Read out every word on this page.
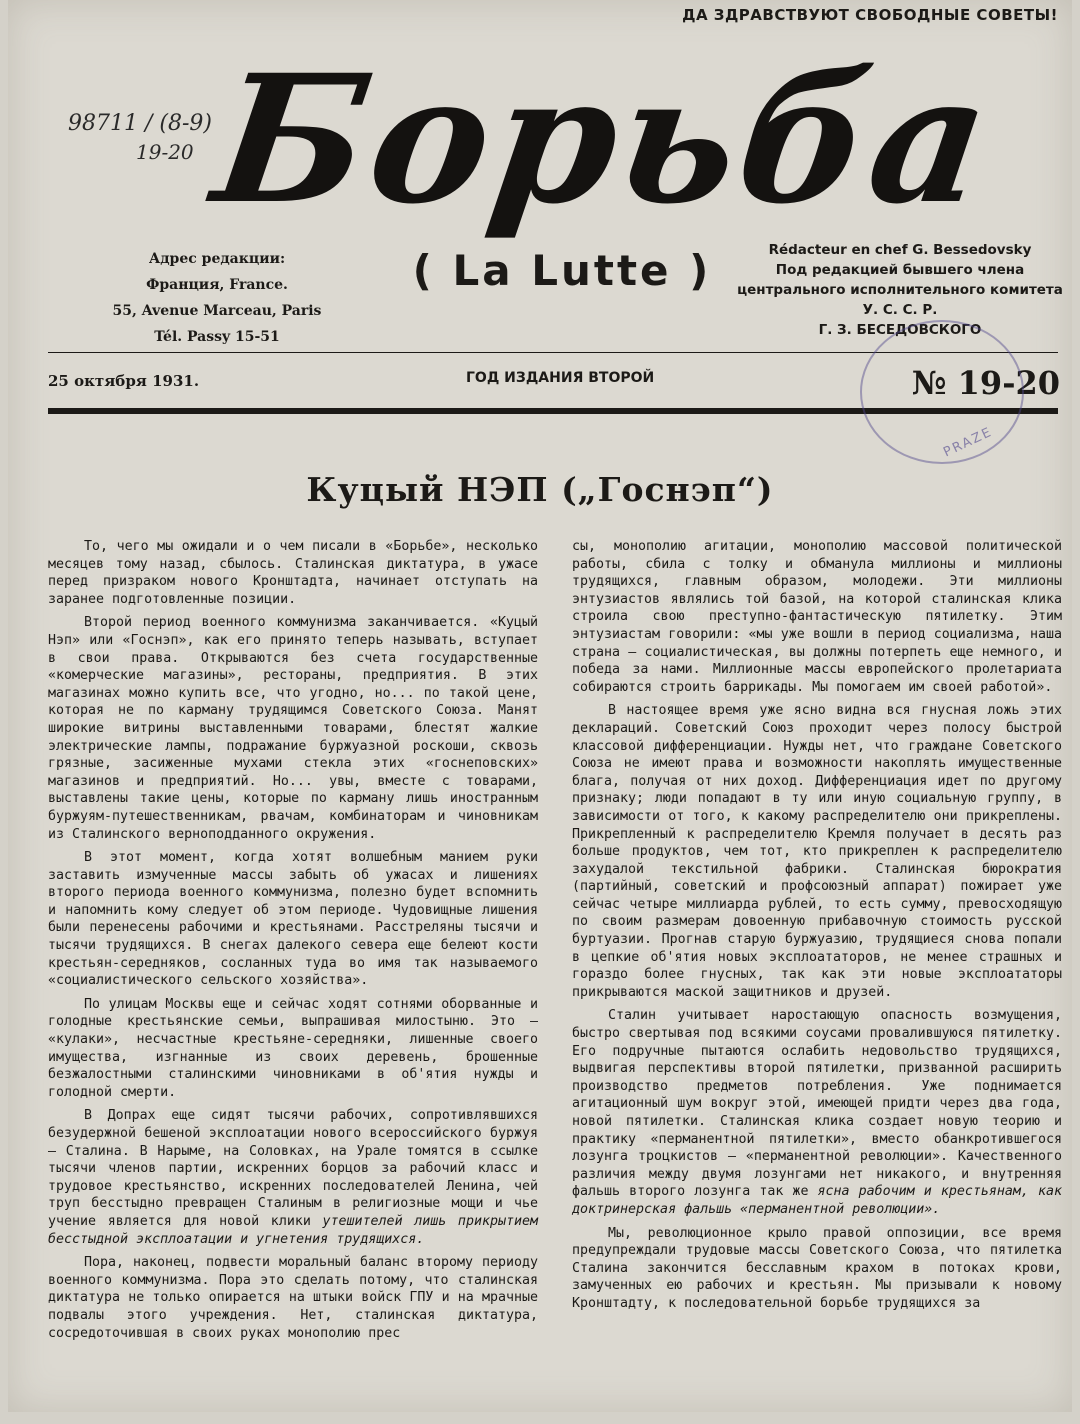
ДА ЗДРАВСТВУЮТ СВОБОДНЫЕ СОВЕТЫ!
98711 / (8-9)
19-20 Борьба
Адрес редакции:
Франция, France.
55, Avenue Marceau, Paris
Tél. Passy 15-51
( La Lutte )	Rédacteur en chef G. Bessedovsky
Под редакцией бывшего члена
центрального исполнительного комитета
У. С. С. Р.
Г. З. БЕСЕДОВСКОГО
25 октября 1931.	ГОД ИЗДАНИЯ ВТОРОЙ	№ 19-20
PRAZE
Куцый НЭП („Госнэп“)

То, чего мы ожидали и о чем писали в «Борьбе», несколько месяцев тому назад, сбылось. Сталинская диктатура, в ужасе перед призраком нового Кронштадта, начинает отступать на заранее подготовленные позиции.

Второй период военного коммунизма заканчивается. «Куцый Нэп» или «Госнэп», как его принято теперь называть, вступает в свои права. Открываются без счета государственные «комерческие магазины», рестораны, предприятия. В этих магазинах можно купить все, что угодно, но... по такой цене, которая не по карману трудящимся Советского Союза. Манят широкие витрины выставленными товарами, блестят жалкие электрические лампы, подражание буржуазной роскоши, сквозь грязные, засиженные мухами стекла этих «госнеповских» магазинов и предприятий. Но... увы, вместе с товарами, выставлены такие цены, которые по карману лишь иностранным буржуям-путешественникам, рвачам, комбинаторам и чиновникам из Сталинского верноподданного окружения.

В этот момент, когда хотят волшебным манием руки заставить измученные массы забыть об ужасах и лишениях второго периода военного коммунизма, полезно будет вспомнить и напомнить кому следует об этом периоде. Чудовищные лишения были перенесены рабочими и крестьянами. Расстреляны тысячи и тысячи трудящихся. В снегах далекого севера еще белеют кости крестьян-середняков, сосланных туда во имя так называемого «социалистического сельского хозяйства».

По улицам Москвы еще и сейчас ходят сотнями оборванные и голодные крестьянские семьи, выпрашивая милостыню. Это — «кулаки», несчастные крестьяне-середняки, лишенные своего имущества, изгнанные из своих деревень, брошенные безжалостными сталинскими чиновниками в об'ятия нужды и голодной смерти.

В Допрах еще сидят тысячи рабочих, сопротивлявшихся безудержной бешеной эксплоатации нового всероссийского буржуя — Сталина. В Нарыме, на Соловках, на Урале томятся в ссылке тысячи членов партии, искренних борцов за рабочий класс и трудовое крестьянство, искренних последователей Ленина, чей труп бесстыдно превращен Сталиным в религиозные мощи и чье учение является для новой клики утешителей лишь прикрытием бесстыдной эксплоатации и угнетения трудящихся.

Пора, наконец, подвести моральный баланс второму периоду военного коммунизма. Пора это сделать потому, что сталинская диктатура не только опирается на штыки войск ГПУ и на мрачные подвалы этого учреждения. Нет, сталинская диктатура, сосредоточившая в своих руках монополию прес

сы, монополию агитации, монополию массовой политической работы, сбила с толку и обманула миллионы и миллионы трудящихся, главным образом, молодежи. Эти миллионы энтузиастов являлись той базой, на которой сталинская клика строила свою преступно-фантастическую пятилетку. Этим энтузиастам говорили: «мы уже вошли в период социализма, наша страна — социалистическая, вы должны потерпеть еще немного, и победа за нами. Миллионные массы европейского пролетариата собираются строить баррикады. Мы помогаем им своей работой».

В настоящее время уже ясно видна вся гнусная ложь этих деклараций. Советский Союз проходит через полосу быстрой классовой дифференциации. Нужды нет, что граждане Советского Союза не имеют права и возможности накоплять имущественные блага, получая от них доход. Дифференциация идет по другому признаку; люди попадают в ту или иную социальную группу, в зависимости от того, к какому распределителю они прикреплены. Прикрепленный к распределителю Кремля получает в десять раз больше продуктов, чем тот, кто прикреплен к распределителю захудалой текстильной фабрики. Сталинская бюрократия (партийный, советский и профсоюзный аппарат) пожирает уже сейчас четыре миллиарда рублей, то есть сумму, превосходящую по своим размерам довоенную прибавочную стоимость русской буртуазии. Прогнав старую буржуазию, трудящиеся снова попали в цепкие об'ятия новых эксплоататоров, не менее страшных и гораздо более гнусных, так как эти новые эксплоататоры прикрываются маской защитников и друзей.

Сталин учитывает наростающую опасность возмущения, быстро свертывая под всякими соусами провалившуюся пятилетку. Его подручные пытаются ослабить недовольство трудящихся, выдвигая перспективы второй пятилетки, призванной расширить производство предметов потребления. Уже поднимается агитационный шум вокруг этой, имеющей придти через два года, новой пятилетки. Сталинская клика создает новую теорию и практику «перманентной пятилетки», вместо обанкротившегося лозунга троцкистов — «перманентной революции». Качественного различия между двумя лозунгами нет никакого, и внутренняя фальшь второго лозунга так же ясна рабочим и крестьянам, как доктринерская фальшь «перманентной революции».

Мы, революционное крыло правой оппозиции, все время предупреждали трудовые массы Советского Союза, что пятилетка Сталина закончится бесславным крахом в потоках крови, замученных ею рабочих и крестьян. Мы призывали к новому Кронштадту, к последовательной борьбе трудящихся за
